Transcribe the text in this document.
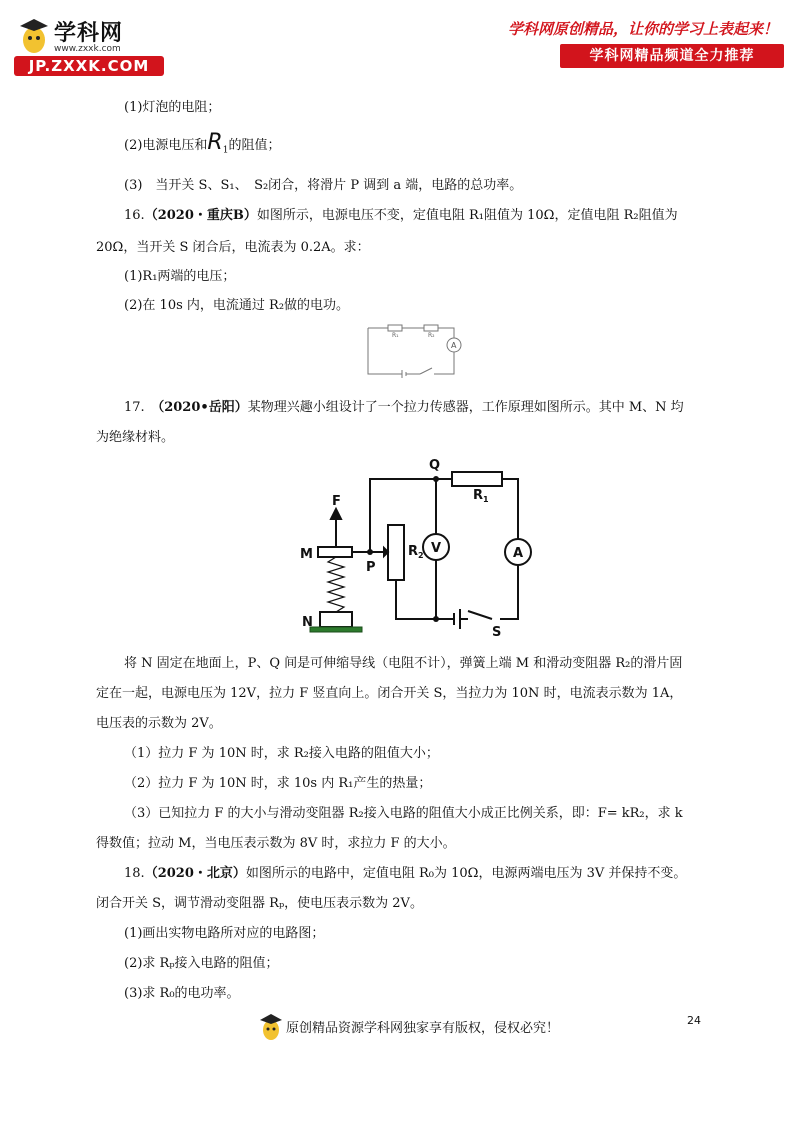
学科网
www.zxxk.com
JP.ZXXK.COM
学科网原创精品，让你的学习上表起来！
学科网精品频道全力推荐
(1)灯泡的电阻；
(2)电源电压和$R_1$的阻值；
(3)　当开关 S、S₁、　S₂闭合，将滑片 P 调到 a 端，电路的总功率。
16.（2020・重庆B）如图所示，电源电压不变，定值电阻 R₁阻值为 10Ω，定值电阻 R₂阻值为
20Ω，当开关 S 闭合后，电流表为 0.2A。求：
(1)R₁两端的电压；
(2)在 10s 内，电流通过 R₂做的电功。
A
R₁	R₂
17.　 （2020•岳阳）某物理兴趣小组设计了一个拉力传感器，工作原理如图所示。其中 M、N 均
为绝缘材料。
F
M
N
P
Q
S
V	A
$R_1$
$R_2$
将 N 固定在地面上，P、Q 间是可伸缩导线（电阻不计），弹簧上端 M 和滑动变阻器 R₂的滑片固
定在一起，电源电压为 12V，拉力 F 竖直向上。闭合开关 S，当拉力为 10N 时，电流表示数为 1A，
电压表的示数为 2V。
（1）拉力 F 为 10N 时，求 R₂接入电路的阻值大小；
（2）拉力 F 为 10N 时，求 10s 内 R₁产生的热量；
（3）已知拉力 F 的大小与滑动变阻器 R₂接入电路的阻值大小成正比例关系，即：F= kR₂，求 k
得数值；拉动 M，当电压表示数为 8V 时，求拉力 F 的大小。
18.（2020・北京）如图所示的电路中，定值电阻 R₀为 10Ω，电源两端电压为 3V 并保持不变。
闭合开关 S，调节滑动变阻器 Rₚ，使电压表示数为 2V。
(1)画出实物电路所对应的电路图；
(2)求 Rₚ接入电路的阻值；
(3)求 R₀的电功率。
原创精品资源学科网独家享有版权，侵权必究！
24
